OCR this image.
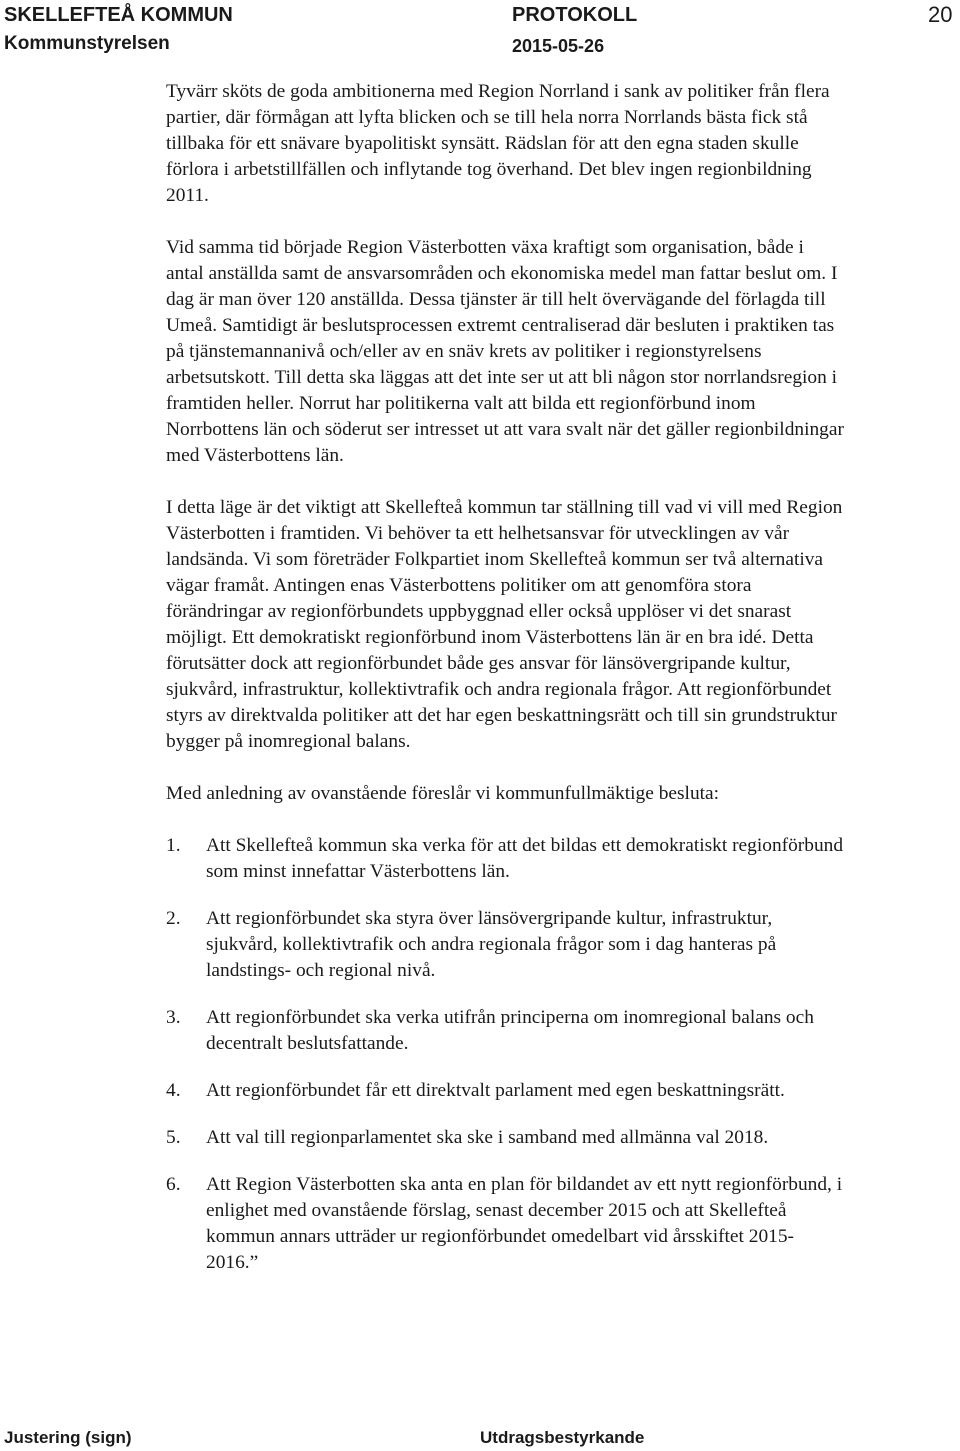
SKELLEFTEÅ KOMMUN
Kommunstyrelsen
PROTOKOLL
2015-05-26
20

Tyvärr sköts de goda ambitionerna med Region Norrland i sank av politiker från flera partier, där förmågan att lyfta blicken och se till hela norra Norrlands bästa fick stå tillbaka för ett snävare byapolitiskt synsätt. Rädslan för att den egna staden skulle förlora i arbetstillfällen och inflytande tog överhand. Det blev ingen regionbildning 2011.

Vid samma tid började Region Västerbotten växa kraftigt som organisation, både i antal anställda samt de ansvarsområden och ekonomiska medel man fattar beslut om. I dag är man över 120 anställda. Dessa tjänster är till helt övervägande del förlagda till Umeå. Samtidigt är beslutsprocessen extremt centraliserad där besluten i praktiken tas på tjänstemannanivå och/eller av en snäv krets av politiker i regionstyrelsens arbetsutskott. Till detta ska läggas att det inte ser ut att bli någon stor norrlandsregion i framtiden heller. Norrut har politikerna valt att bilda ett regionförbund inom Norrbottens län och söderut ser intresset ut att vara svalt när det gäller regionbildningar med Västerbottens län.

I detta läge är det viktigt att Skellefteå kommun tar ställning till vad vi vill med Region Västerbotten i framtiden. Vi behöver ta ett helhetsansvar för utvecklingen av vår landsända. Vi som företräder Folkpartiet inom Skellefteå kommun ser två alternativa vägar framåt. Antingen enas Västerbottens politiker om att genomföra stora förändringar av regionförbundets uppbyggnad eller också upplöser vi det snarast möjligt. Ett demokratiskt regionförbund inom Västerbottens län är en bra idé. Detta förutsätter dock att regionförbundet både ges ansvar för länsövergripande kultur, sjukvård, infrastruktur, kollektivtrafik och andra regionala frågor. Att regionförbundet styrs av direktvalda politiker att det har egen beskattningsrätt och till sin grundstruktur bygger på inomregional balans.

Med anledning av ovanstående föreslår vi kommunfullmäktige besluta:

1.	Att Skellefteå kommun ska verka för att det bildas ett demokratiskt regionförbund som minst innefattar Västerbottens län.
2.	Att regionförbundet ska styra över länsövergripande kultur, infrastruktur, sjukvård, kollektivtrafik och andra regionala frågor som i dag hanteras på landstings- och regional nivå.
3.	Att regionförbundet ska verka utifrån principerna om inomregional balans och decentralt beslutsfattande.
4.	Att regionförbundet får ett direktvalt parlament med egen beskattningsrätt.
5.	Att val till regionparlamentet ska ske i samband med allmänna val 2018.
6.	Att Region Västerbotten ska anta en plan för bildandet av ett nytt regionförbund, i enlighet med ovanstående förslag, senast december 2015 och att Skellefteå kommun annars utträder ur regionförbundet omedelbart vid årsskiftet 2015-2016.”
Justering (sign)	Utdragsbestyrkande
